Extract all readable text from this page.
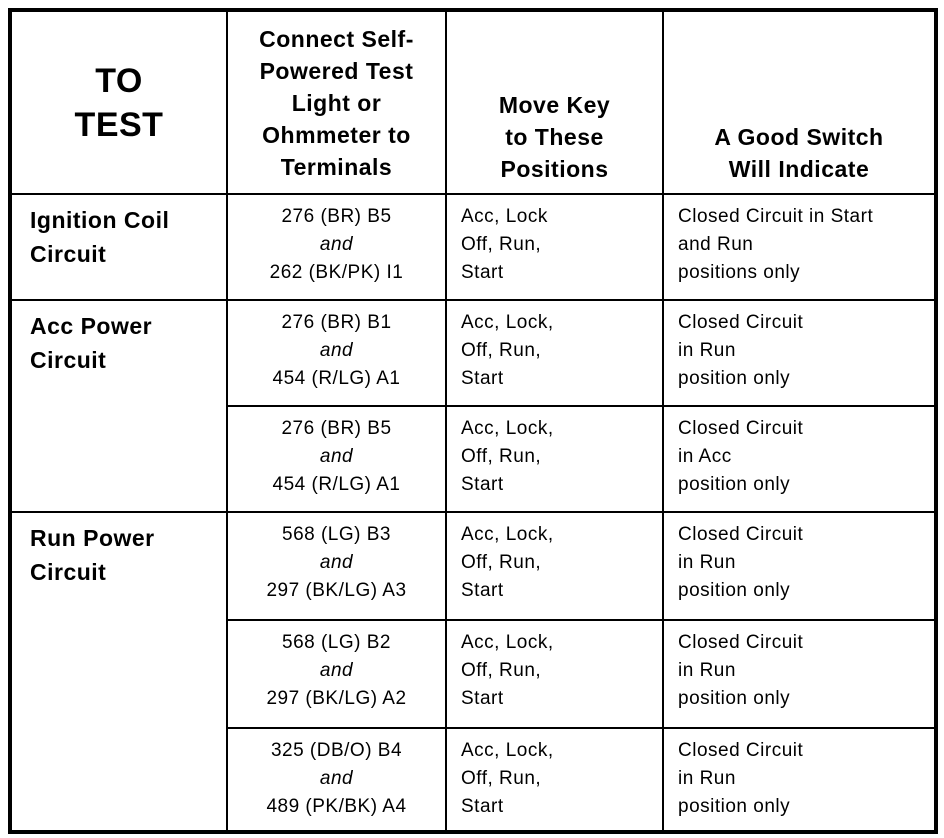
TO
TEST	Connect Self-
Powered Test
Light or
Ohmmeter to
Terminals	Move Key
to These
Positions	A Good Switch
Will Indicate

Ignition Coil
Circuit	276 (BR) B5
and
262 (BK/PK) I1	Acc, Lock
Off, Run,
Start	Closed Circuit in Start
and Run
positions only

Acc Power
Circuit	276 (BR) B1
and
454 (R/LG) A1	Acc, Lock,
Off, Run,
Start	Closed Circuit
in Run
position only

	276 (BR) B5
and
454 (R/LG) A1	Acc, Lock,
Off, Run,
Start	Closed Circuit
in Acc
position only

Run Power
Circuit	568 (LG) B3
and
297 (BK/LG) A3	Acc, Lock,
Off, Run,
Start	Closed Circuit
in Run
position only

	568 (LG) B2
and
297 (BK/LG) A2	Acc, Lock,
Off, Run,
Start	Closed Circuit
in Run
position only

	325 (DB/O) B4
and
489 (PK/BK) A4	Acc, Lock,
Off, Run,
Start	Closed Circuit
in Run
position only
